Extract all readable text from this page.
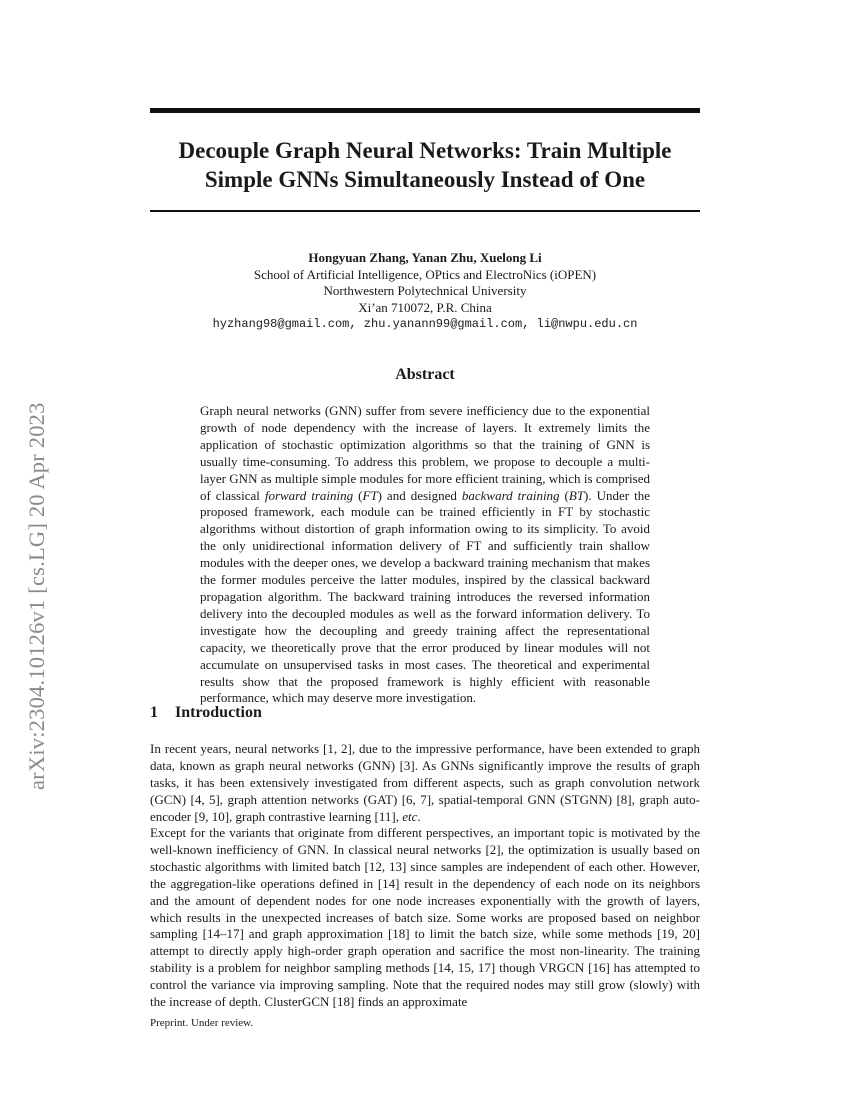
arXiv:2304.10126v1 [cs.LG] 20 Apr 2023
Decouple Graph Neural Networks: Train Multiple
Simple GNNs Simultaneously Instead of One
Hongyuan Zhang, Yanan Zhu, Xuelong Li
School of Artificial Intelligence, OPtics and ElectroNics (iOPEN)
Northwestern Polytechnical University
Xi’an 710072, P.R. China
hyzhang98@gmail.com, zhu.yanann99@gmail.com, li@nwpu.edu.cn
Abstract
Graph neural networks (GNN) suffer from severe inefficiency due to the exponential growth of node dependency with the increase of layers. It extremely limits the application of stochastic optimization algorithms so that the training of GNN is usually time-consuming. To address this problem, we propose to decouple a multi-layer GNN as multiple simple modules for more efficient training, which is comprised of classical forward training (FT) and designed backward training (BT). Under the proposed framework, each module can be trained efficiently in FT by stochastic algorithms without distortion of graph information owing to its simplicity. To avoid the only unidirectional information delivery of FT and sufficiently train shallow modules with the deeper ones, we develop a backward training mechanism that makes the former modules perceive the latter modules, inspired by the classical backward propagation algorithm. The backward training introduces the reversed information delivery into the decoupled modules as well as the forward information delivery. To investigate how the decoupling and greedy training affect the representational capacity, we theoretically prove that the error produced by linear modules will not accumulate on unsupervised tasks in most cases. The theoretical and experimental results show that the proposed framework is highly efficient with reasonable performance, which may deserve more investigation.
1 Introduction
In recent years, neural networks [1, 2], due to the impressive performance, have been extended to graph data, known as graph neural networks (GNN) [3]. As GNNs significantly improve the results of graph tasks, it has been extensively investigated from different aspects, such as graph convolution network (GCN) [4, 5], graph attention networks (GAT) [6, 7], spatial-temporal GNN (STGNN) [8], graph auto-encoder [9, 10], graph contrastive learning [11], etc.
Except for the variants that originate from different perspectives, an important topic is motivated by the well-known inefficiency of GNN. In classical neural networks [2], the optimization is usually based on stochastic algorithms with limited batch [12, 13] since samples are independent of each other. However, the aggregation-like operations defined in [14] result in the dependency of each node on its neighbors and the amount of dependent nodes for one node increases exponentially with the growth of layers, which results in the unexpected increases of batch size. Some works are proposed based on neighbor sampling [14–17] and graph approximation [18] to limit the batch size, while some methods [19, 20] attempt to directly apply high-order graph operation and sacrifice the most non-linearity. The training stability is a problem for neighbor sampling methods [14, 15, 17] though VRGCN [16] has attempted to control the variance via improving sampling. Note that the required nodes may still grow (slowly) with the increase of depth. ClusterGCN [18] finds an approximate
Preprint. Under review.
